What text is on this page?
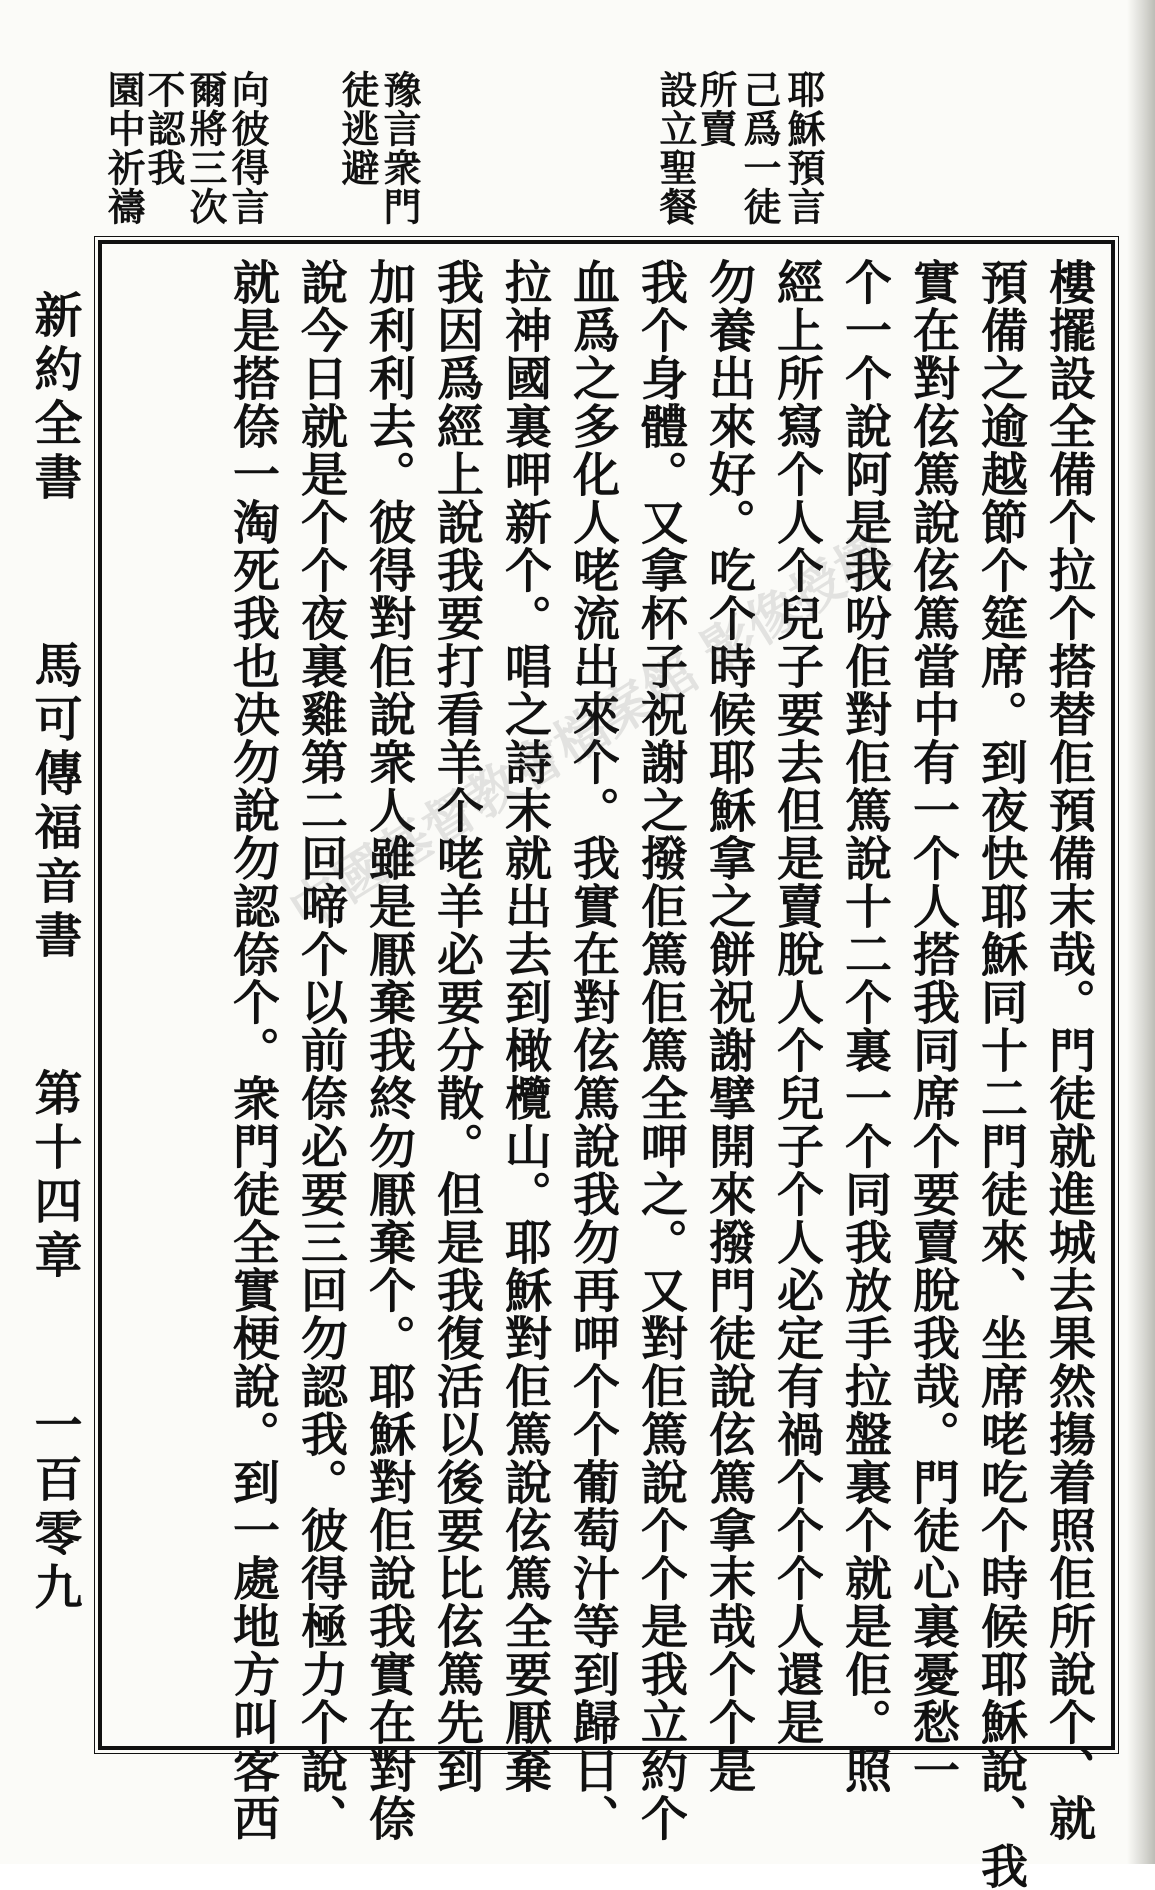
耶穌預言
己爲一徒
所賣
設立聖餐
豫言衆門
徒逃避
向彼得言
爾將三次
不認我
園中祈禱
樓擺設全備个拉个搭替佢預備末哉。門徒就進城去果然摥着照佢所說个、就
預備之逾越節个筵席。到夜快耶穌同十二門徒來、坐席咾吃个時候耶穌說、我
實在對伭篤說伭篤當中有一个人搭我同席个要賣脫我哉。門徒心裏憂愁一
个一个說阿是我吩佢對佢篤說十二个裏一个同我放手拉盤裏个就是佢。照
經上所寫个人个兒子要去但是賣脫人个兒子个人必定有禍个个个人還是
勿養出來好。吃个時候耶穌拿之餅祝謝擘開來撥門徒說伭篤拿末哉个个是
我个身體。又拿杯子祝謝之撥佢篤佢篤全呷之。又對佢篤說个个是我立約个
血爲之多化人咾流出來个。我實在對伭篤說我勿再呷个个葡萄汁等到歸日、
拉神國裏呷新个。唱之詩末就出去到橄欖山。耶穌對佢篤說伭篤全要厭棄
我因爲經上說我要打看羊个咾羊必要分散。但是我復活以後要比伭篤先到
加利利去。彼得對佢說衆人雖是厭棄我終勿厭棄个。耶穌對佢說我實在對倷
說今日就是个个夜裏雞第二回啼个以前倷必要三回勿認我。彼得極力个說、
就是搭倷一淘死我也决勿說勿認倷个。衆門徒全實梗說。到一處地方叫客西
新約全書
馬可傳福音書
第十四章
一百零九
中國基督教會檔案館 影像授權
